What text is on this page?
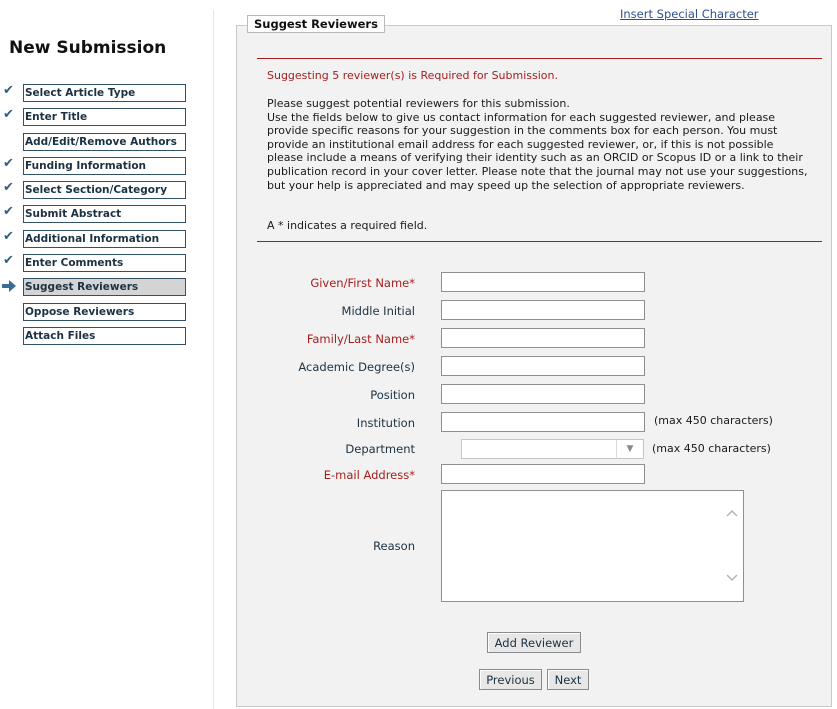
New Submission
✔ Select Article Type
✔ Enter Title
Add/Edit/Remove Authors
✔ Funding Information
✔ Select Section/Category
✔ Submit Abstract
✔ Additional Information
✔ Enter Comments
Suggest Reviewers
Oppose Reviewers
Attach Files
Insert Special Character
Suggest Reviewers
Suggesting 5 reviewer(s) is Required for Submission.

Please suggest potential reviewers for this submission.

Use the fields below to give us contact information for each suggested reviewer, and please provide specific reasons for your suggestion in the comments box for each person. You must provide an institutional email address for each suggested reviewer, or, if this is not possible please include a means of verifying their identity such as an ORCID or Scopus ID or a link to their publication record in your cover letter. Please note that the journal may not use your suggestions, but your help is appreciated and may speed up the selection of appropriate reviewers.

A * indicates a required field.
Given/First Name*
Middle Initial
Family/Last Name*
Academic Degree(s)
Position
Institution	(max 450 characters)
Department	▼	(max 450 characters)
E-mail Address*
Reason
Add Reviewer
Previous	Next
